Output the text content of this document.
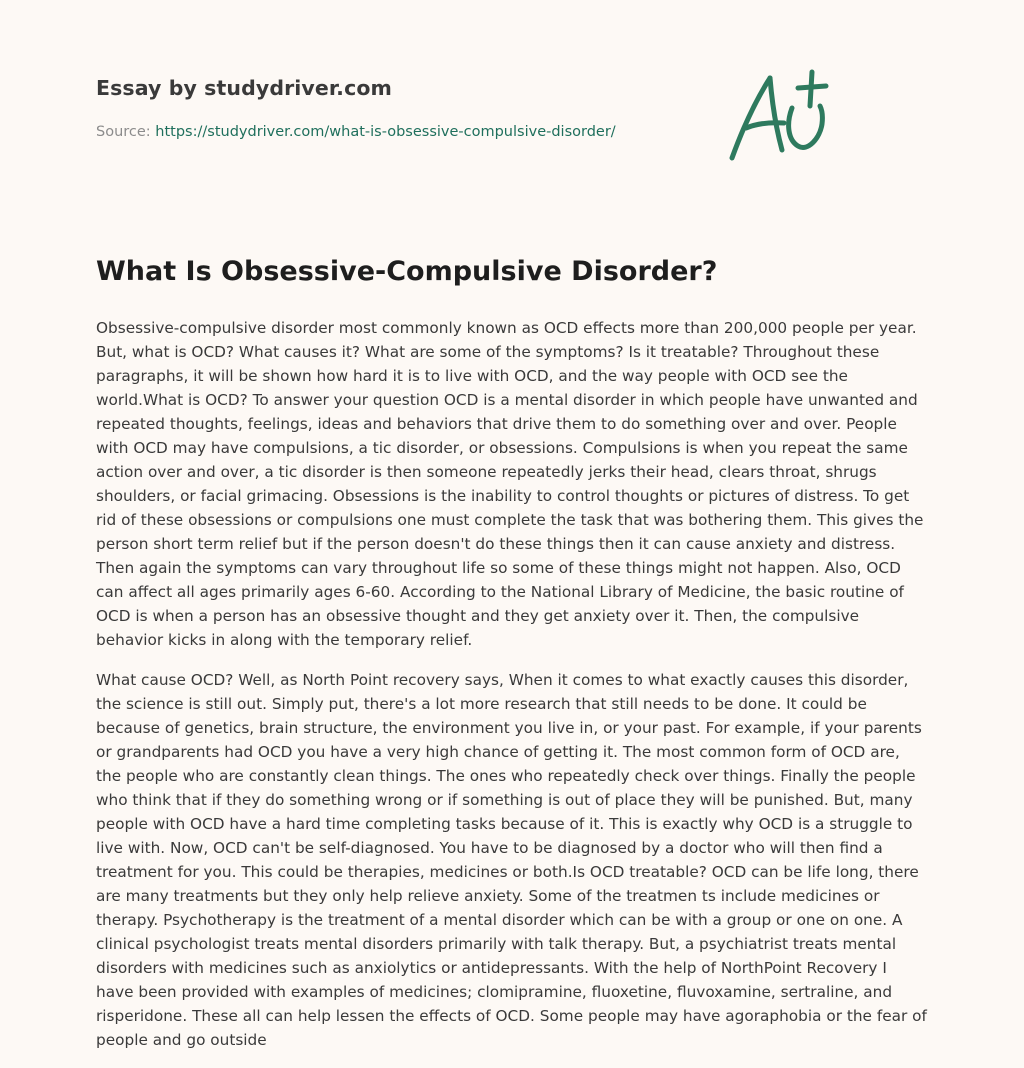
Essay by studydriver.com
Source: https://studydriver.com/what-is-obsessive-compulsive-disorder/
What Is Obsessive-Compulsive Disorder?

Obsessive-compulsive disorder most commonly known as OCD effects more than 200,000 people per year. But, what is OCD? What causes it? What are some of the symptoms? Is it treatable? Throughout these paragraphs, it will be shown how hard it is to live with OCD, and the way people with OCD see the world.What is OCD? To answer your question OCD is a mental disorder in which people have unwanted and repeated thoughts, feelings, ideas and behaviors that drive them to do something over and over. People with OCD may have compulsions, a tic disorder, or obsessions. Compulsions is when you repeat the same action over and over, a tic disorder is then someone repeatedly jerks their head, clears throat, shrugs shoulders, or facial grimacing. Obsessions is the inability to control thoughts or pictures of distress. To get rid of these obsessions or compulsions one must complete the task that was bothering them. This gives the person short term relief but if the person doesn't do these things then it can cause anxiety and distress. Then again the symptoms can vary throughout life so some of these things might not happen. Also, OCD can affect all ages primarily ages 6-60. According to the National Library of Medicine, the basic routine of OCD is when a person has an obsessive thought and they get anxiety over it. Then, the compulsive behavior kicks in along with the temporary relief.

What cause OCD? Well, as North Point recovery says, When it comes to what exactly causes this disorder, the science is still out. Simply put, there's a lot more research that still needs to be done. It could be because of genetics, brain structure, the environment you live in, or your past. For example, if your parents or grandparents had OCD you have a very high chance of getting it. The most common form of OCD are, the people who are constantly clean things. The ones who repeatedly check over things. Finally the people who think that if they do something wrong or if something is out of place they will be punished. But, many people with OCD have a hard time completing tasks because of it. This is exactly why OCD is a struggle to live with. Now, OCD can't be self-diagnosed. You have to be diagnosed by a doctor who will then find a treatment for you. This could be therapies, medicines or both.Is OCD treatable? OCD can be life long, there are many treatments but they only help relieve anxiety. Some of the treatmen ts include medicines or therapy. Psychotherapy is the treatment of a mental disorder which can be with a group or one on one. A clinical psychologist treats mental disorders primarily with talk therapy. But, a psychiatrist treats mental disorders with medicines such as anxiolytics or antidepressants. With the help of NorthPoint Recovery I have been provided with examples of medicines; clomipramine, fluoxetine, fluvoxamine, sertraline, and risperidone. These all can help lessen the effects of OCD. Some people may have agoraphobia or the fear of people and go outside
